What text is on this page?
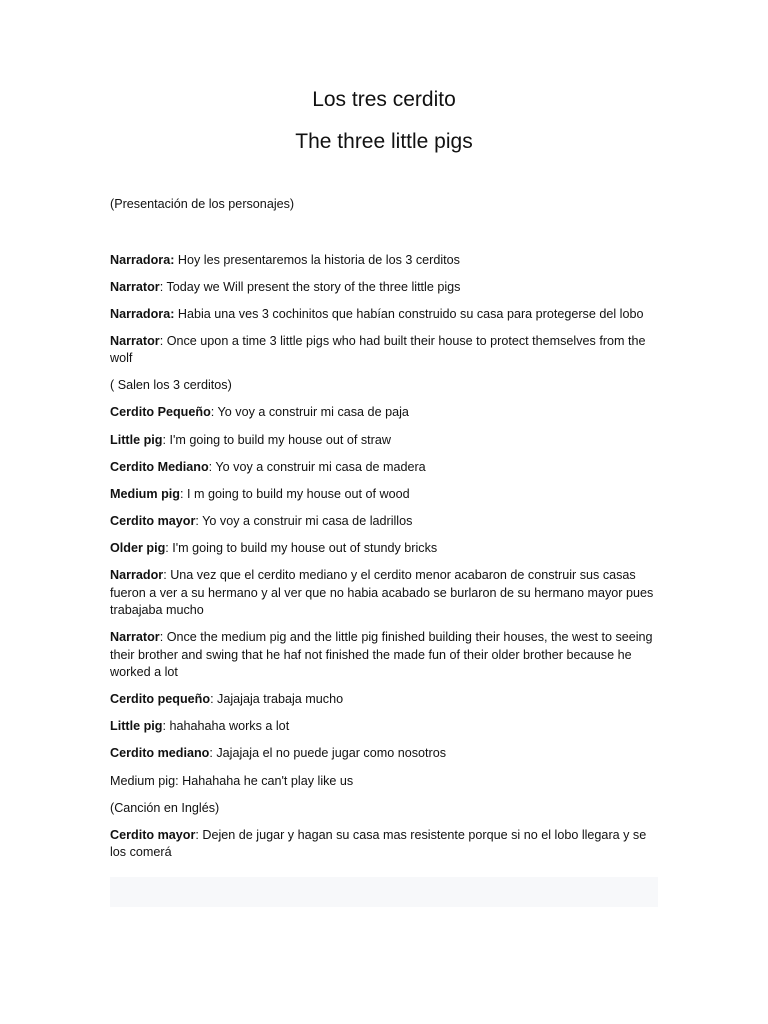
Los tres cerdito
The three little pigs

(Presentación de los personajes)

Narradora: Hoy les presentaremos la historia de los 3 cerditos

Narrator: Today we Will present the story of the three little pigs

Narradora: Habia una ves 3 cochinitos que habían construido su casa para protegerse del lobo

Narrator: Once upon a time 3 little pigs who had built their house to protect themselves from the wolf

( Salen los 3 cerditos)

Cerdito Pequeño: Yo voy a construir mi casa de paja

Little pig: I'm going to build my house out of straw

Cerdito Mediano: Yo voy a construir mi casa de madera

Medium pig: I m going to build my house out of wood

Cerdito mayor: Yo voy a construir mi casa de ladrillos

Older pig: I'm going to build my house out of stundy bricks

Narrador: Una vez que el cerdito mediano y el cerdito menor acabaron de construir sus casas fueron a ver a su hermano y al ver que no habia acabado se burlaron de su hermano mayor pues trabajaba mucho

Narrator: Once the medium pig and the little pig finished building their houses, the west to seeing their brother and swing that he haf not finished the made fun of their older brother because he worked a lot

Cerdito pequeño: Jajajaja trabaja mucho

Little pig: hahahaha works a lot

Cerdito mediano: Jajajaja el no puede jugar como nosotros

Medium pig: Hahahaha he can't play like us

(Canción en Inglés)

Cerdito mayor: Dejen de jugar y hagan su casa mas resistente porque si no el lobo llegara y se los comerá
